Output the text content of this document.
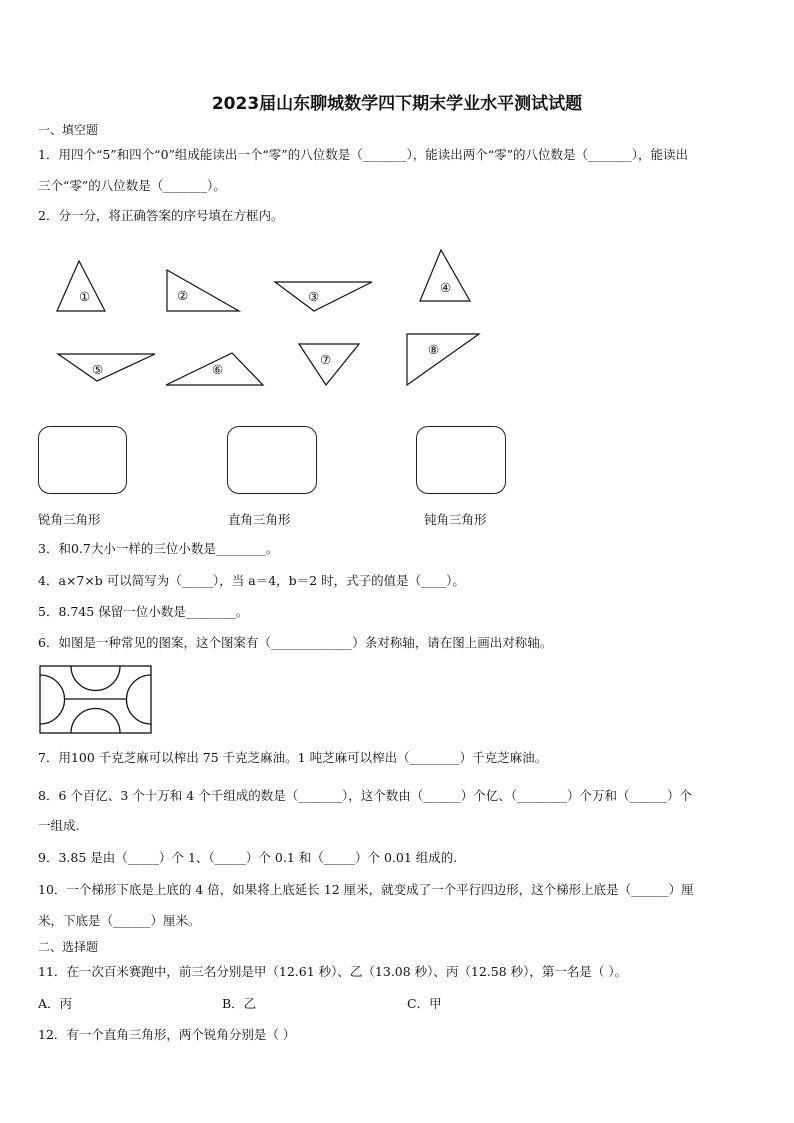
2023届山东聊城数学四下期末学业水平测试试题
一、填空题
1．用四个“5”和四个“0”组成能读出一个“零”的八位数是（_______），能读出两个“零”的八位数是（_______），能读出
三个“零”的八位数是（_______）。
2．分一分，将正确答案的序号填在方框内。
①	②	③
④
⑤	⑥
⑦
⑧
锐角三角形	直角三角形	钝角三角形
3．和0.7大小一样的三位小数是________。
4．a×7×b 可以简写为（_____），当 a＝4，b＝2 时，式子的值是（____）。
5．8.745 保留一位小数是________。
6．如图是一种常见的图案，这个图案有（_____________）条对称轴，请在图上画出对称轴。
7．用100 千克芝麻可以榨出 75 千克芝麻油。1 吨芝麻可以榨出（________）千克芝麻油。
8．6 个百亿、3 个十万和 4 个千组成的数是（_______），这个数由（______）个亿、（________）个万和（______）个
一组成.
9．3.85 是由（_____）个 1、（_____）个 0.1 和（_____）个 0.01 组成的.
10．一个梯形下底是上底的 4 倍，如果将上底延长 12 厘米，就变成了一个平行四边形，这个梯形上底是（______）厘
米，下底是（______）厘米。
二、选择题
11．在一次百米赛跑中，前三名分别是甲（12.61 秒）、乙（13.08 秒）、丙（12.58 秒），第一名是（ ）。
A．丙	B．乙	C．甲
12．有一个直角三角形，两个锐角分别是（ ）
